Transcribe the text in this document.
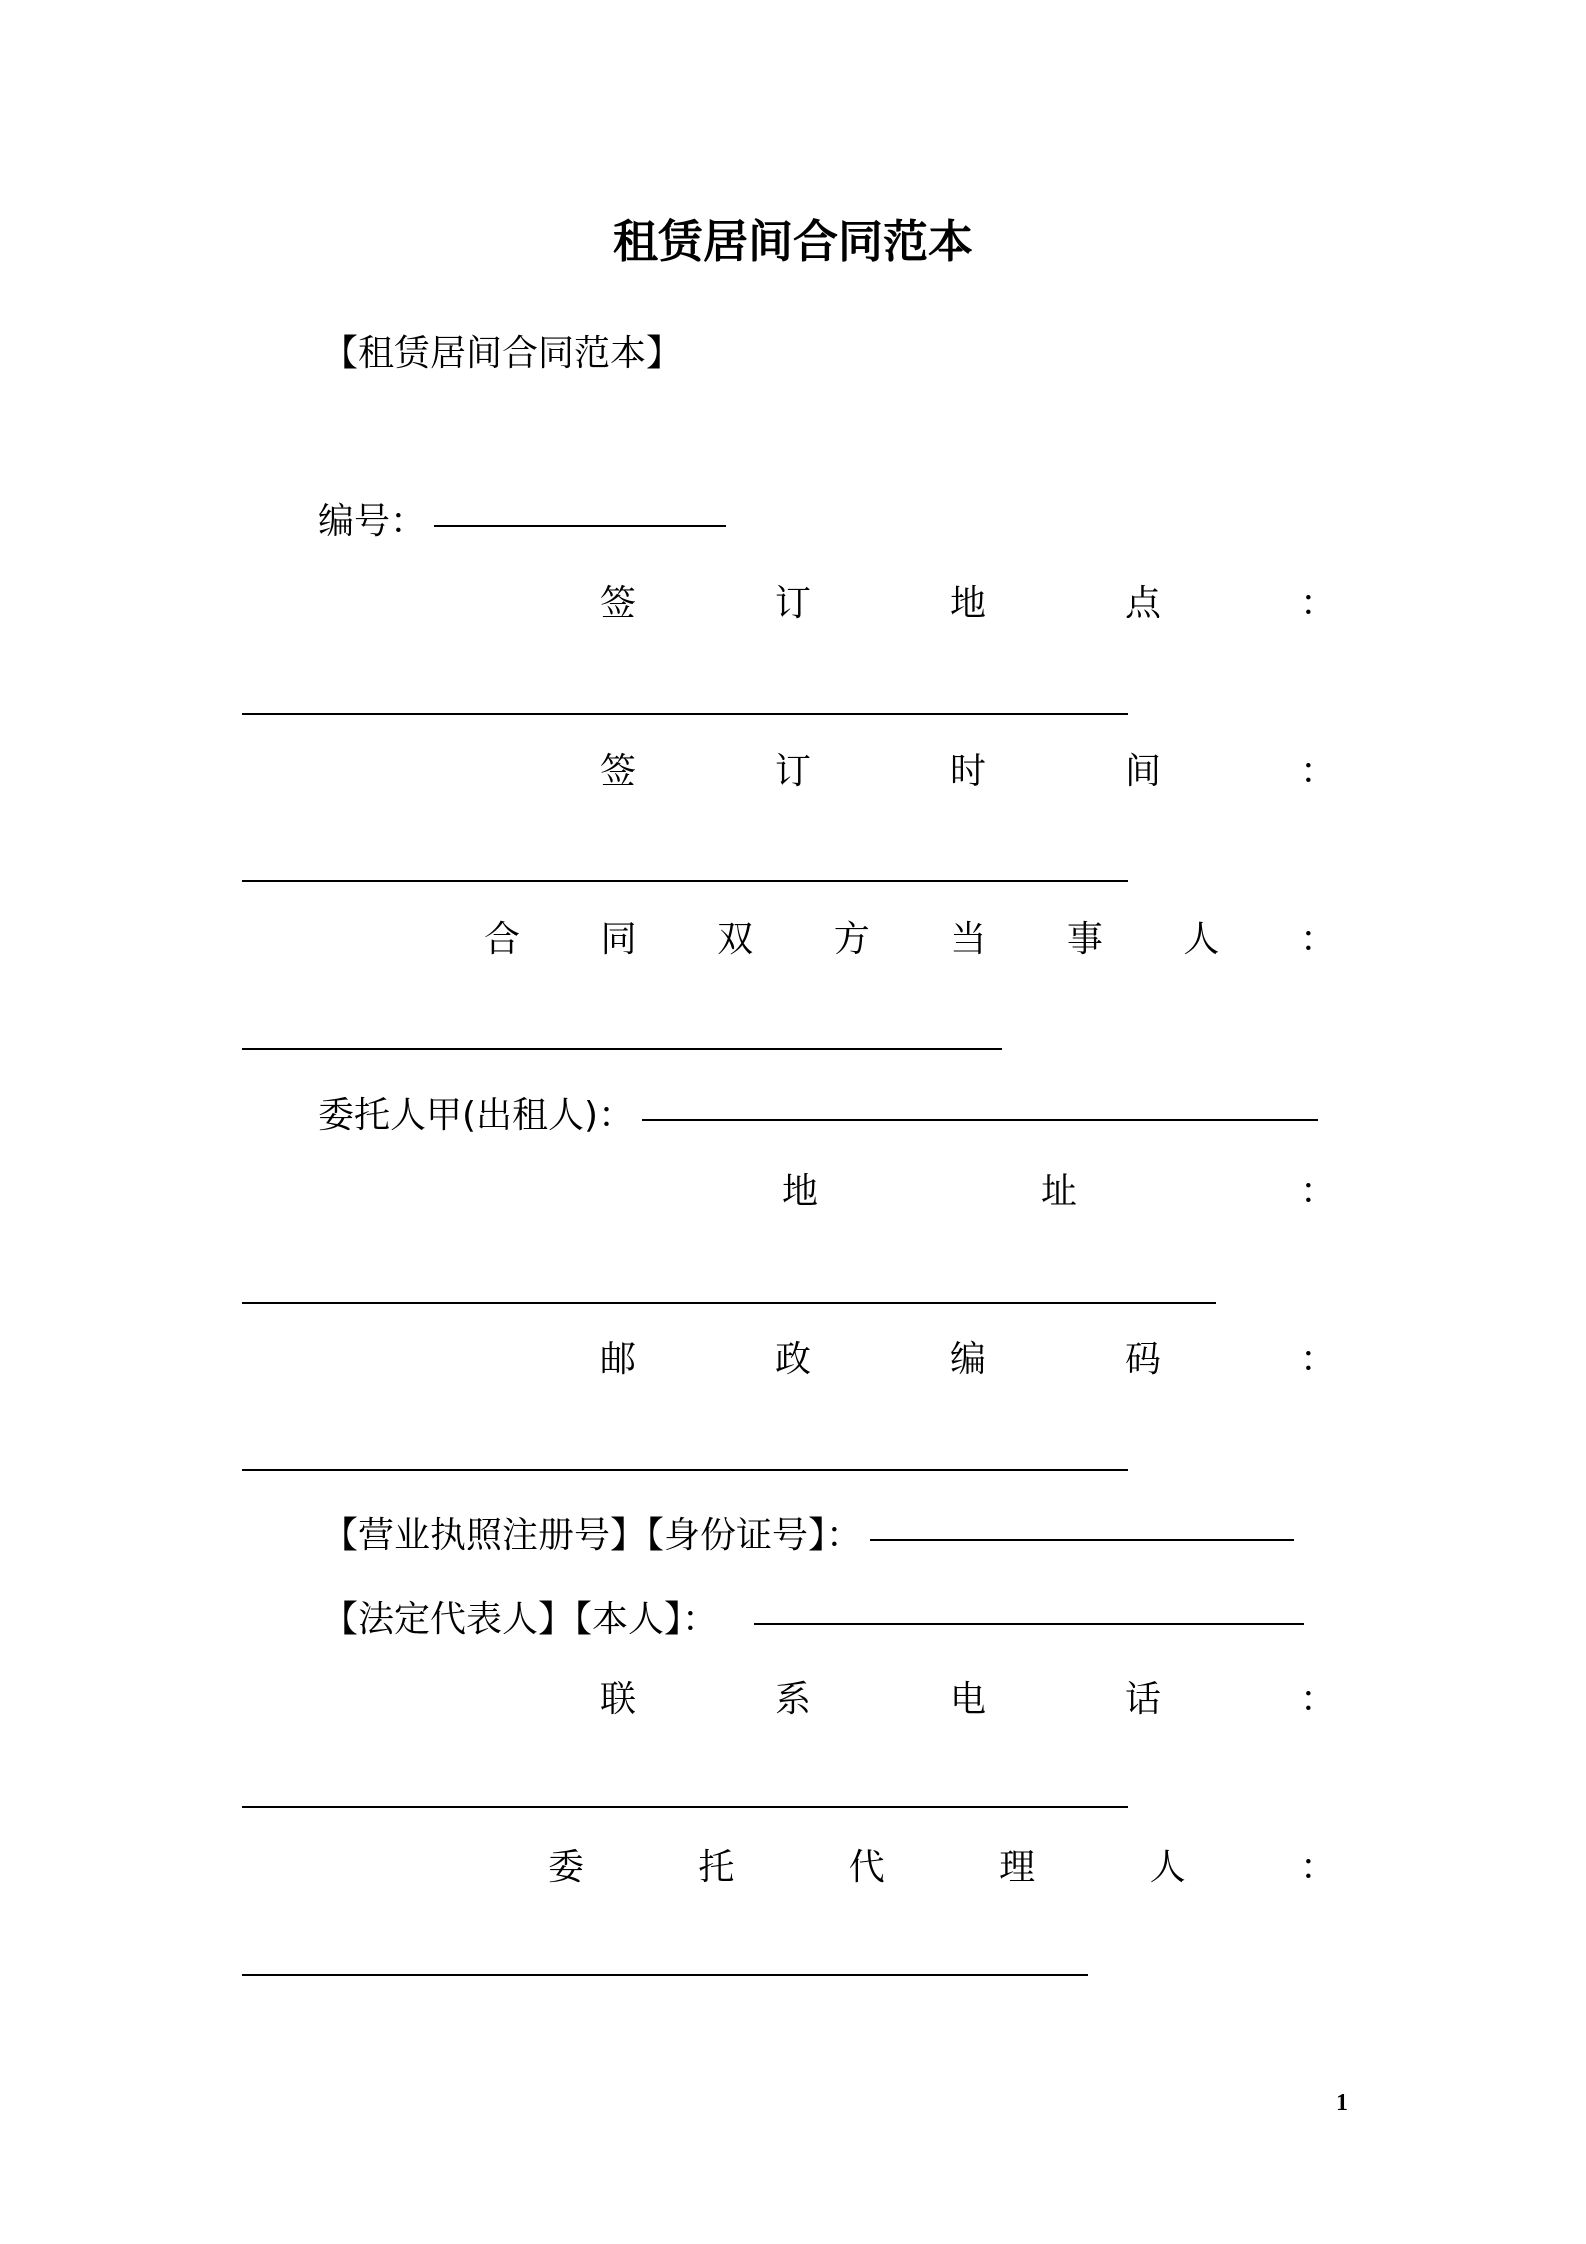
租赁居间合同范本
【租赁居间合同范本】
编号：
签	订	地	点	：
签	订	时	间	：
合 同 双 方 当 事 人 ：
委托人甲(出租人)：
地	址	：
邮	政	编	码	：
【营业执照注册号】【身份证号】：
【法定代表人】【本人】：
联	系	电	话	：
委	托	代	理	人	：
1
